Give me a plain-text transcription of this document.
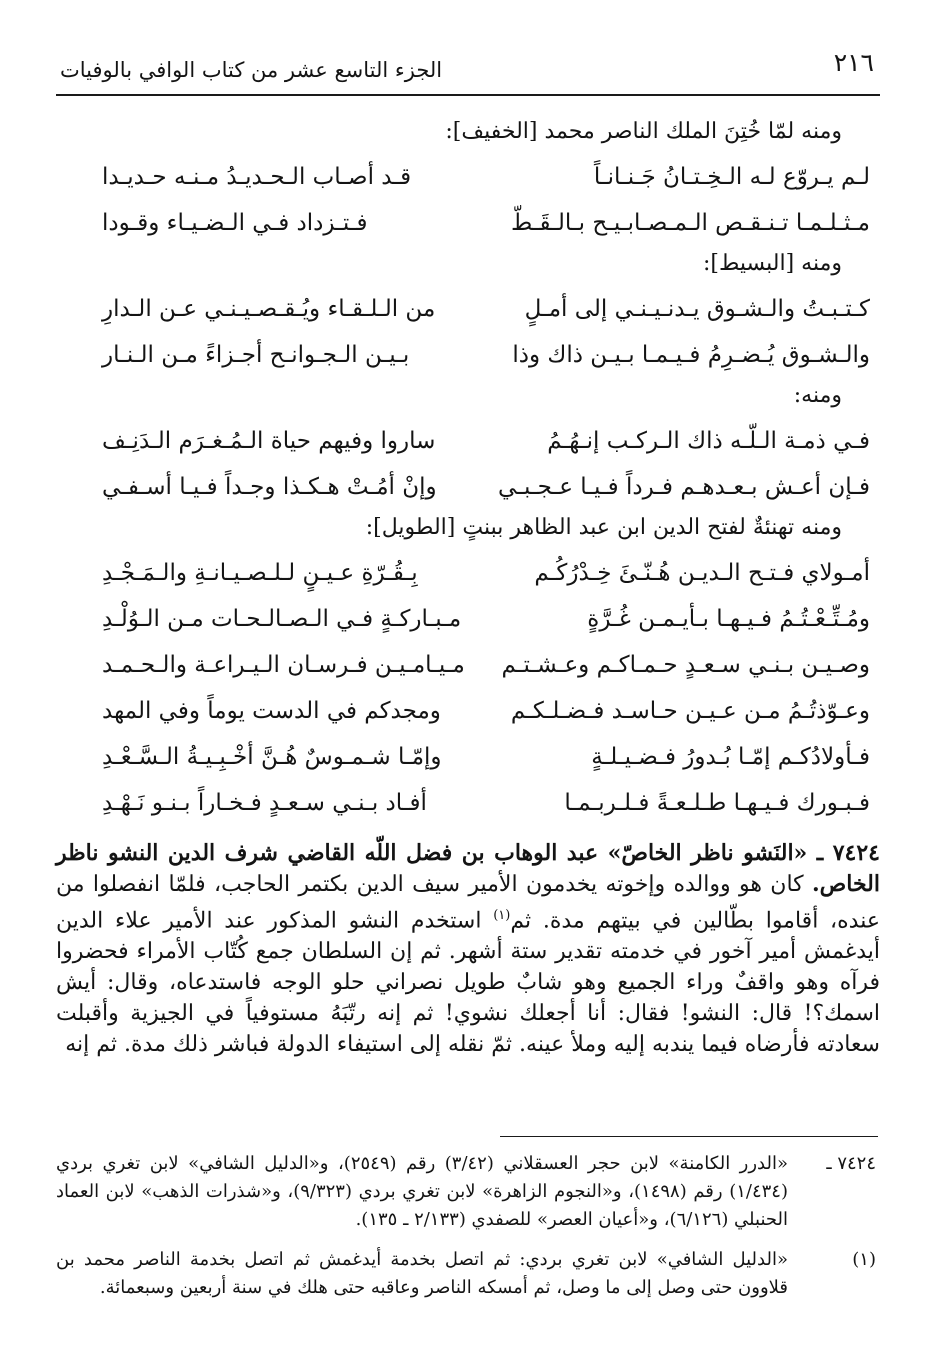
٢١٦
الجزء التاسع عشر من كتاب الوافي بالوفيات
ومنه لمّا خُتِنَ الملك الناصر محمد [الخفيف]:
لـم يـروّع لـه الـخِـتـانُ جَـنـانـاً
قـد أصـاب الـحـديـدُ مـنـه حـديـدا
مـثـلـمـا تـنـقـص الـمـصـابـيـح بـالـقَـطّ
فـتـزداد فـي الـضـيـاء وقـودا
ومنه [البسيط]:
كـتـبـتُ والـشـوق يـدنـيـنـي إلى أمـلٍ
من الـلـقـاء ويُـقـصـيـنـي عـن الـدارِ
والـشـوق يُـضـرِمُ فـيـمـا بـيـن ذاك وذا
بـيـن الـجـوانـح أجـزاءً مـن الـنـار
ومنه:
فـي ذمـة الـلّـه ذاك الـركـب إنـهُـمُ
ساروا وفيهم حياة الـمُـغـرَم الـدَنِـف
فـإن أعـش بـعـدهـم فـرداً فـيـا عـجـبـي
وإنْ أمُـتْ هـكـذا وجـداً فـيـا أسـفـي
ومنه تهنئةٌ لفتح الدين ابن عبد الظاهر ببنتٍ [الطويل]:
أمـولاي فـتـح الـديـن هُـنّـئَ خِـدْرُكُـم
بِـقُـرّةِ عـيـنٍ لـلـصـيـانـةِ والـمَـجْـدِ
ومُـتِّـعْـتُـمُ فـيـهـا بـأيـمـن غُـرَّةٍ
مـبـاركـةٍ فـي الـصـالـحـات مـن الـوُلْـدِ
وصـيـن بـنـي سـعـدٍ حـمـاكـم وعـشـتـم
مـيـامـيـن فـرسـان الـيـراعـة والـحـمـد
وعـوّذتُـمُ مـن عـيـن حـاسـد فـضـلـكـم
ومجدكم في الدست يوماً وفي المهد
فـأولادُكـم إمّـا بُـدورُ فـضـيـلـةٍ
وإمّـا شـمـوسٌ هُـنَّ أخْـبِـيـةُ الـسَّـعْـدِ
فـبـورك فـيـهـا طـلـعـةً فـلـربـمـا
أفـاد بـنـي سـعـدٍ فـخـاراً بـنـو نَـهْـدِ

٧٤٢٤ ـ «النَشو ناظر الخاصّ» عبد الوهاب بن فضل اللّه القاضي شرف الدين النشو ناظر الخاص. كان هو ووالده وإخوته يخدمون الأمير سيف الدين بكتمر الحاجب، فلمّا انفصلوا من عنده، أقاموا بطّالين في بيتهم مدة. ثم$^{(١)}$ استخدم النشو المذكور عند الأمير علاء الدين أيدغمش أمير آخور في خدمته تقدير ستة أشهر. ثم إن السلطان جمع كُتّاب الأمراء فحضروا فرآه وهو واقفٌ وراء الجميع وهو شابٌ طويل نصراني حلو الوجه فاستدعاه، وقال: أيش اسمك؟! قال: النشو! فقال: أنا أجعلك نشوي! ثم إنه رتّبَهُ مستوفياً في الجيزية وأقبلت سعادته فأرضاه فيما يندبه إليه وملأ عينه. ثمّ نقله إلى استيفاء الدولة فباشر ذلك مدة. ثم إنه

٧٤٢٤ ـ
«الدرر الكامنة» لابن حجر العسقلاني (٣/٤٢) رقم (٢٥٤٩)، و«الدليل الشافي» لابن تغري بردي (١/٤٣٤) رقم (١٤٩٨)، و«النجوم الزاهرة» لابن تغري بردي (٩/٣٢٣)، و«شذرات الذهب» لابن العماد الحنبلي (٦/١٢٦)، و«أعيان العصر» للصفدي (٢/١٣٣ ـ ١٣٥).
(١)
«الدليل الشافي» لابن تغري بردي: ثم اتصل بخدمة أيدغمش ثم اتصل بخدمة الناصر محمد بن قلاوون حتى وصل إلى ما وصل، ثم أمسكه الناصر وعاقبه حتى هلك في سنة أربعين وسبعمائة.
